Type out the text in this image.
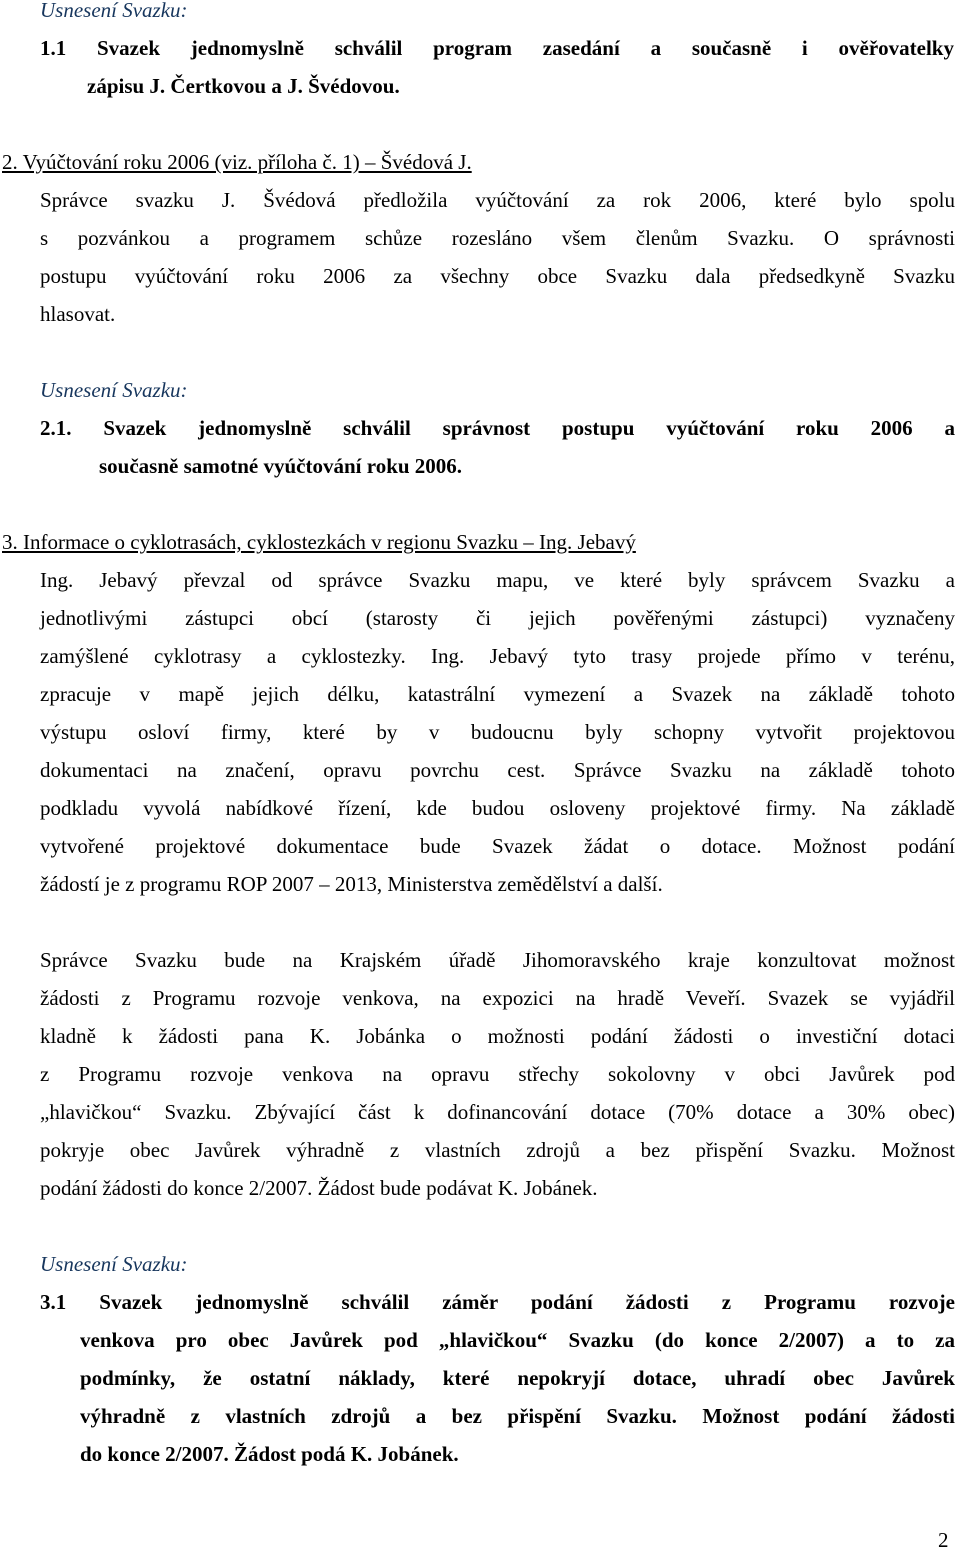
Usnesení Svazku:
1.1 Svazek jednomyslně schválil program zasedání a současně i ověřovatelky
zápisu J. Čertkovou a J. Švédovou.
2. Vyúčtování roku 2006 (viz. příloha č. 1) – Švédová J.
Správce svazku J. Švédová předložila vyúčtování za rok 2006, které bylo spolu
s pozvánkou a programem schůze rozesláno všem členům Svazku. O správnosti
postupu vyúčtování roku 2006 za všechny obce Svazku dala předsedkyně Svazku
hlasovat.
Usnesení Svazku:
2.1. Svazek jednomyslně schválil správnost postupu vyúčtování roku 2006 a
současně samotné vyúčtování roku 2006.
3. Informace o cyklotrasách, cyklostezkách v regionu Svazku – Ing. Jebavý
Ing. Jebavý převzal od správce Svazku mapu, ve které byly správcem Svazku a
jednotlivými zástupci obcí (starosty či jejich pověřenými zástupci) vyznačeny
zamýšlené cyklotrasy a cyklostezky. Ing. Jebavý tyto trasy projede přímo v terénu,
zpracuje v mapě jejich délku, katastrální vymezení a Svazek na základě tohoto
výstupu osloví firmy, které by v budoucnu byly schopny vytvořit projektovou
dokumentaci na značení, opravu povrchu cest. Správce Svazku na základě tohoto
podkladu vyvolá nabídkové řízení, kde budou osloveny projektové firmy. Na základě
vytvořené projektové dokumentace bude Svazek žádat o dotace. Možnost podání
žádostí je z programu ROP 2007 – 2013, Ministerstva zemědělství a další.
Správce Svazku bude na Krajském úřadě Jihomoravského kraje konzultovat možnost
žádosti z Programu rozvoje venkova, na expozici na hradě Veveří. Svazek se vyjádřil
kladně k žádosti pana K. Jobánka o možnosti podání žádosti o investiční dotaci
z Programu rozvoje venkova na opravu střechy sokolovny v obci Javůrek pod
„hlavičkou“ Svazku. Zbývající část k dofinancování dotace (70% dotace a 30% obec)
pokryje obec Javůrek výhradně z vlastních zdrojů a bez přispění Svazku. Možnost
podání žádosti do konce 2/2007. Žádost bude podávat K. Jobánek.
Usnesení Svazku:
3.1 Svazek jednomyslně schválil záměr podání žádosti z Programu rozvoje
venkova pro obec Javůrek pod „hlavičkou“ Svazku (do konce 2/2007) a to za
podmínky, že ostatní náklady, které nepokryjí dotace, uhradí obec Javůrek
výhradně z vlastních zdrojů a bez přispění Svazku. Možnost podání žádosti
do konce 2/2007. Žádost podá K. Jobánek.
2
